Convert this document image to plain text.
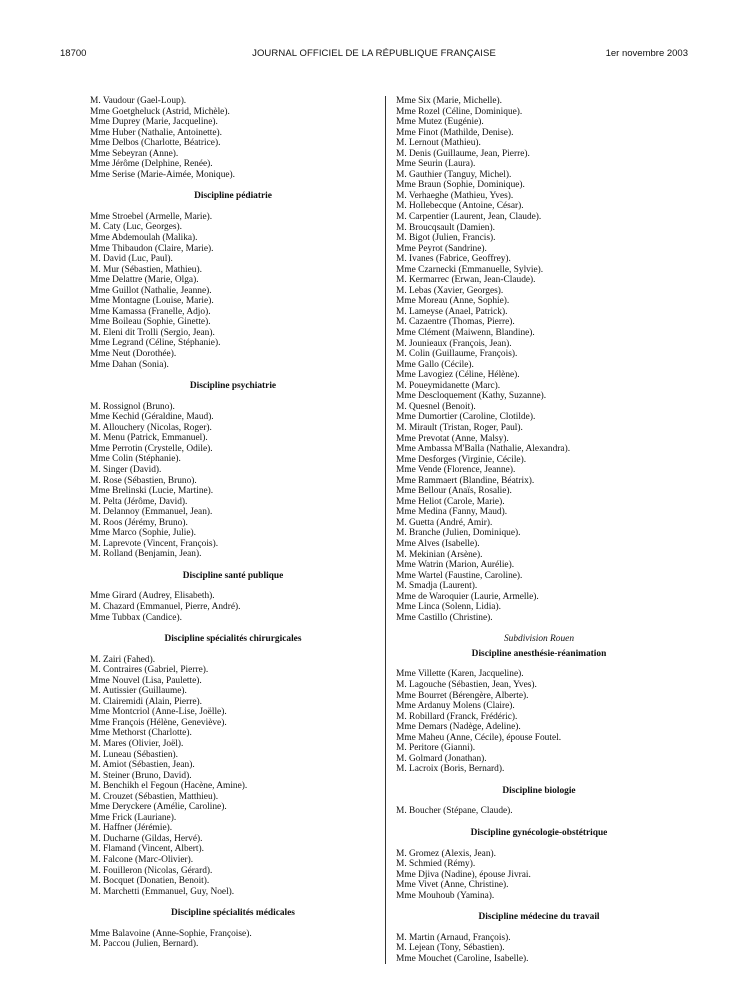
18700	JOURNAL OFFICIEL DE LA RÉPUBLIQUE FRANÇAISE	1er novembre 2003
M. Vaudour (Gael-Loup).
Mme Goetgheluck (Astrid, Michèle).
Mme Duprey (Marie, Jacqueline).
Mme Huber (Nathalie, Antoinette).
Mme Delbos (Charlotte, Béatrice).
Mme Sebeyran (Anne).
Mme Jérôme (Delphine, Renée).
Mme Serise (Marie-Aimée, Monique).
Discipline pédiatrie
Mme Stroebel (Armelle, Marie).
M. Caty (Luc, Georges).
Mme Abdemoulah (Malika).
Mme Thibaudon (Claire, Marie).
M. David (Luc, Paul).
M. Mur (Sébastien, Mathieu).
Mme Delattre (Marie, Olga).
Mme Guillot (Nathalie, Jeanne).
Mme Montagne (Louise, Marie).
Mme Kamassa (Franelle, Adjo).
Mme Boileau (Sophie, Ginette).
M. Eleni dit Trolli (Sergio, Jean).
Mme Legrand (Céline, Stéphanie).
Mme Neut (Dorothée).
Mme Dahan (Sonia).
Discipline psychiatrie
M. Rossignol (Bruno).
Mme Kechid (Géraldine, Maud).
M. Allouchery (Nicolas, Roger).
M. Menu (Patrick, Emmanuel).
Mme Perrotin (Crystelle, Odile).
Mme Colin (Stéphanie).
M. Singer (David).
M. Rose (Sébastien, Bruno).
Mme Brelinski (Lucie, Martine).
M. Pelta (Jérôme, David).
M. Delannoy (Emmanuel, Jean).
M. Roos (Jérémy, Bruno).
Mme Marco (Sophie, Julie).
M. Laprevote (Vincent, François).
M. Rolland (Benjamin, Jean).
Discipline santé publique
Mme Girard (Audrey, Elisabeth).
M. Chazard (Emmanuel, Pierre, André).
Mme Tubbax (Candice).
Discipline spécialités chirurgicales
M. Zairi (Fahed).
M. Contraires (Gabriel, Pierre).
Mme Nouvel (Lisa, Paulette).
M. Autissier (Guillaume).
M. Clairemidi (Alain, Pierre).
Mme Montcriol (Anne-Lise, Joëlle).
Mme François (Hélène, Geneviève).
Mme Methorst (Charlotte).
M. Mares (Olivier, Joël).
M. Luneau (Sébastien).
M. Amiot (Sébastien, Jean).
M. Steiner (Bruno, David).
M. Benchikh el Fegoun (Hacène, Amine).
M. Crouzet (Sébastien, Matthieu).
Mme Deryckere (Amélie, Caroline).
Mme Frick (Lauriane).
M. Haffner (Jérémie).
M. Ducharne (Gildas, Hervé).
M. Flamand (Vincent, Albert).
M. Falcone (Marc-Olivier).
M. Fouilleron (Nicolas, Gérard).
M. Bocquet (Donatien, Benoit).
M. Marchetti (Emmanuel, Guy, Noel).
Discipline spécialités médicales
Mme Balavoine (Anne-Sophie, Françoise).
M. Paccou (Julien, Bernard).
Mme Six (Marie, Michelle).
Mme Rozel (Céline, Dominique).
Mme Mutez (Eugénie).
Mme Finot (Mathilde, Denise).
M. Lernout (Mathieu).
M. Denis (Guillaume, Jean, Pierre).
Mme Seurin (Laura).
M. Gauthier (Tanguy, Michel).
Mme Braun (Sophie, Dominique).
M. Verhaeghe (Mathieu, Yves).
M. Hollebecque (Antoine, César).
M. Carpentier (Laurent, Jean, Claude).
M. Broucqsault (Damien).
M. Bigot (Julien, Francis).
Mme Peyrot (Sandrine).
M. Ivanes (Fabrice, Geoffrey).
Mme Czarnecki (Emmanuelle, Sylvie).
M. Kermarrec (Erwan, Jean-Claude).
M. Lebas (Xavier, Georges).
Mme Moreau (Anne, Sophie).
M. Lameyse (Anael, Patrick).
M. Cazaentre (Thomas, Pierre).
Mme Clément (Maiwenn, Blandine).
M. Jounieaux (François, Jean).
M. Colin (Guillaume, François).
Mme Gallo (Cécile).
Mme Lavogiez (Céline, Hélène).
M. Poueymidanette (Marc).
Mme Descloquement (Kathy, Suzanne).
M. Quesnel (Benoit).
Mme Dumortier (Caroline, Clotilde).
M. Mirault (Tristan, Roger, Paul).
Mme Prevotat (Anne, Malsy).
Mme Ambassa M'Balla (Nathalie, Alexandra).
Mme Desforges (Virginie, Cécile).
Mme Vende (Florence, Jeanne).
Mme Rammaert (Blandine, Béatrix).
Mme Bellour (Anaïs, Rosalie).
Mme Heliot (Carole, Marie).
Mme Medina (Fanny, Maud).
M. Guetta (André, Amir).
M. Branche (Julien, Dominique).
Mme Alves (Isabelle).
M. Mekinian (Arsène).
Mme Watrin (Marion, Aurélie).
Mme Wartel (Faustine, Caroline).
M. Smadja (Laurent).
Mme de Waroquier (Laurie, Armelle).
Mme Linca (Solenn, Lidia).
Mme Castillo (Christine).
Subdivision Rouen
Discipline anesthésie-réanimation
Mme Villette (Karen, Jacqueline).
M. Lagouche (Sébastien, Jean, Yves).
Mme Bourret (Bérengère, Alberte).
Mme Ardanuy Molens (Claire).
M. Robillard (Franck, Frédéric).
Mme Demars (Nadège, Adeline).
Mme Maheu (Anne, Cécile), épouse Foutel.
M. Peritore (Gianni).
M. Golmard (Jonathan).
M. Lacroix (Boris, Bernard).
Discipline biologie
M. Boucher (Stépane, Claude).
Discipline gynécologie-obstétrique
M. Gromez (Alexis, Jean).
M. Schmied (Rémy).
Mme Djiva (Nadine), épouse Jivrai.
Mme Vivet (Anne, Christine).
Mme Mouhoub (Yamina).
Discipline médecine du travail
M. Martin (Arnaud, François).
M. Lejean (Tony, Sébastien).
Mme Mouchet (Caroline, Isabelle).
